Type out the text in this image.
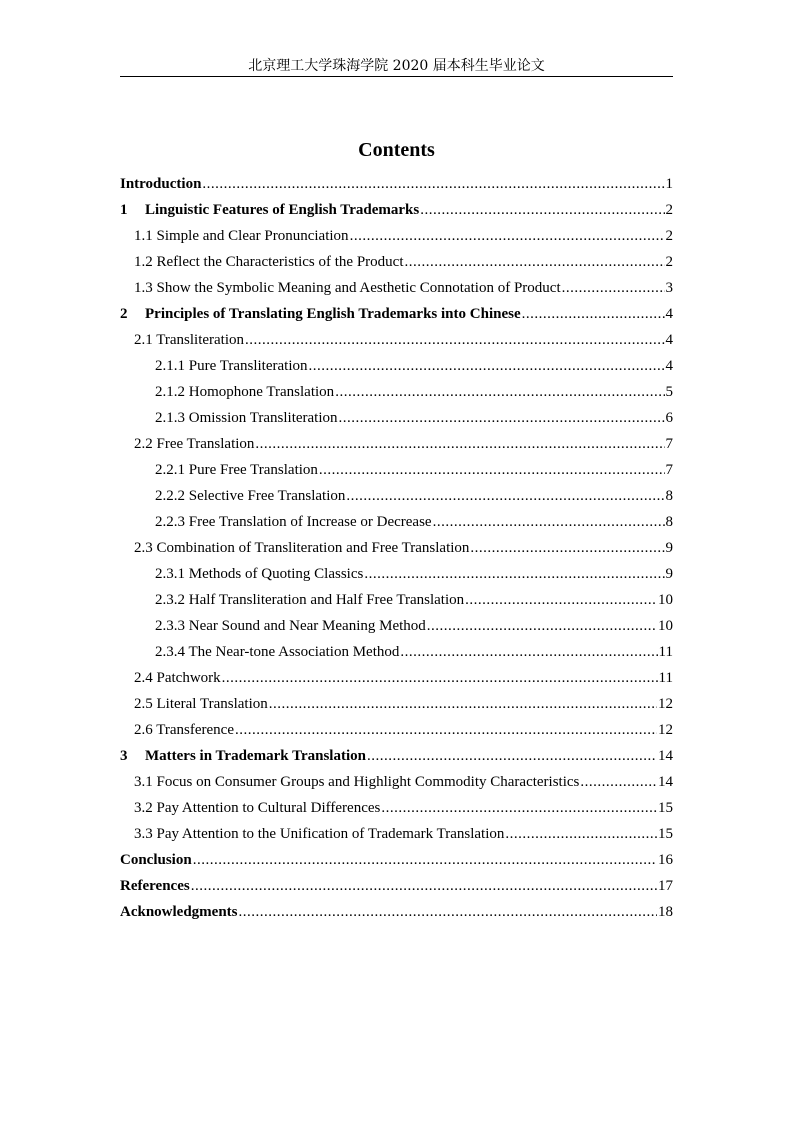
北京理工大学珠海学院 2020 届本科生毕业论文
Contents
Introduction .....	1
1	Linguistic Features of English Trademarks .....	2
1.1 Simple and Clear Pronunciation .....	2
1.2 Reflect the Characteristics of the Product .....	2
1.3 Show the Symbolic Meaning and Aesthetic Connotation of Product .....	3
2	Principles of Translating English Trademarks into Chinese .....	4
2.1 Transliteration .....	4
2.1.1 Pure Transliteration .....	4
2.1.2 Homophone Translation .....	5
2.1.3 Omission Transliteration .....	6
2.2 Free Translation .....	7
2.2.1 Pure Free Translation .....	7
2.2.2 Selective Free Translation .....	8
2.2.3 Free Translation of Increase or Decrease .....	8
2.3 Combination of Transliteration and Free Translation .....	9
2.3.1 Methods of Quoting Classics .....	9
2.3.2 Half Transliteration and Half Free Translation .....	10
2.3.3 Near Sound and Near Meaning Method .....	10
2.3.4 The Near-tone Association Method .....	11
2.4 Patchwork .....	11
2.5 Literal Translation .....	12
2.6 Transference .....	12
3	Matters in Trademark Translation .....	14
3.1 Focus on Consumer Groups and Highlight Commodity Characteristics .....	14
3.2 Pay Attention to Cultural Differences .....	15
3.3 Pay Attention to the Unification of Trademark Translation .....	15
Conclusion .....	16
References .....	17
Acknowledgments .....	18
